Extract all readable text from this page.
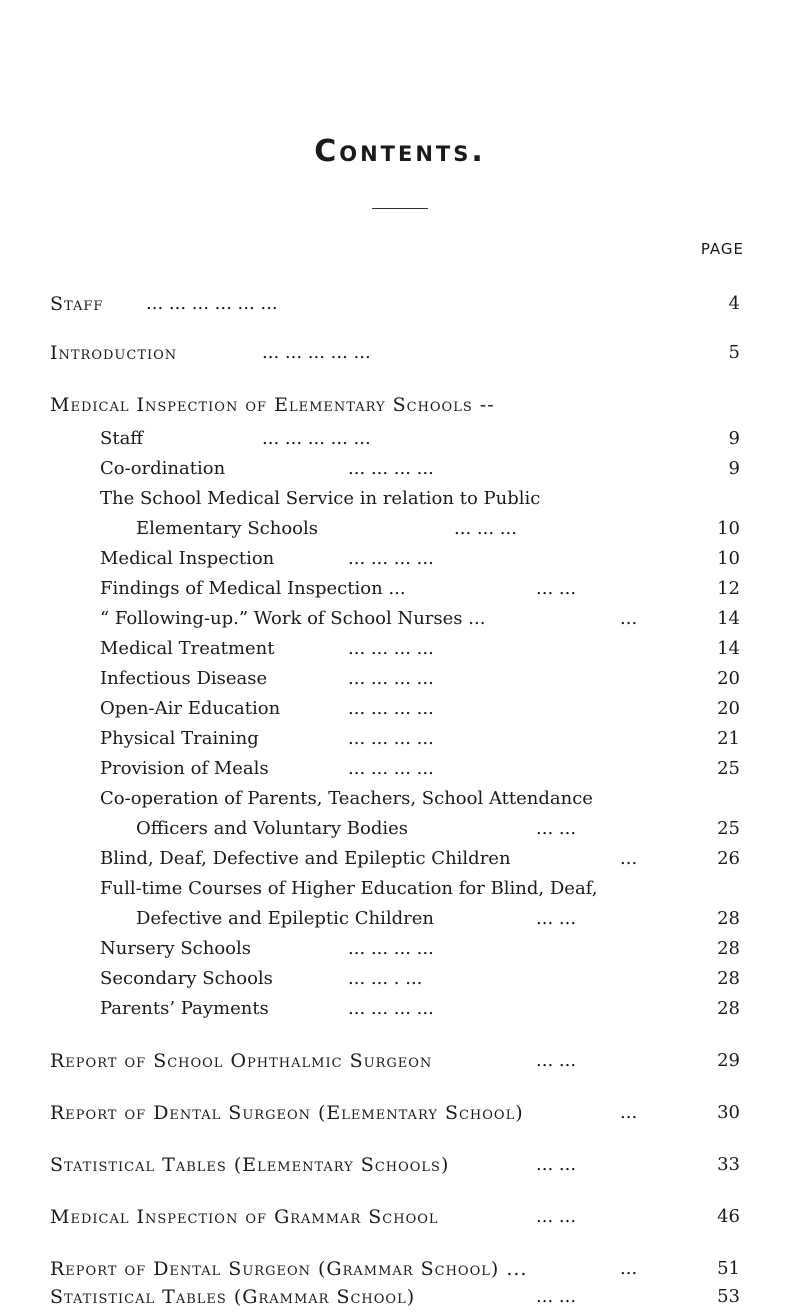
Contents.
PAGE
Staff ... ... ... ... ... ...	4
Introduction	... ... ... ... ...	5
Medical Inspection of Elementary Schools --
Staff	... ... ... ... ...	9
Co-ordination	... ... ... ...	9
The School Medical Service in relation to Public
Elementary Schools	... ... ...	10
Medical Inspection	... ... ... ...	10
Findings of Medical Inspection ...	... ...	12
“ Following-up.” Work of School Nurses ...	...	14
Medical Treatment	... ... ... ...	14
Infectious Disease	... ... ... ...	20
Open-Air Education	... ... ... ...	20
Physical Training	... ... ... ...	21
Provision of Meals	... ... ... ...	25
Co-operation of Parents, Teachers, School Attendance
Officers and Voluntary Bodies	... ...	25
Blind, Deaf, Defective and Epileptic Children	...	26
Full-time Courses of Higher Education for Blind, Deaf,
Defective and Epileptic Children	... ...	28
Nursery Schools	... ... ... ...	28
Secondary Schools	... ... . ...	28
Parents’ Payments	... ... ... ...	28
Report of School Ophthalmic Surgeon	... ...	29
Report of Dental Surgeon (Elementary School)	...	30
Statistical Tables (Elementary Schools)	... ...	33
Medical Inspection of Grammar School	... ...	46
Report of Dental Surgeon (Grammar School) ...	...	51
Statistical Tables (Grammar School)	... ...	53
